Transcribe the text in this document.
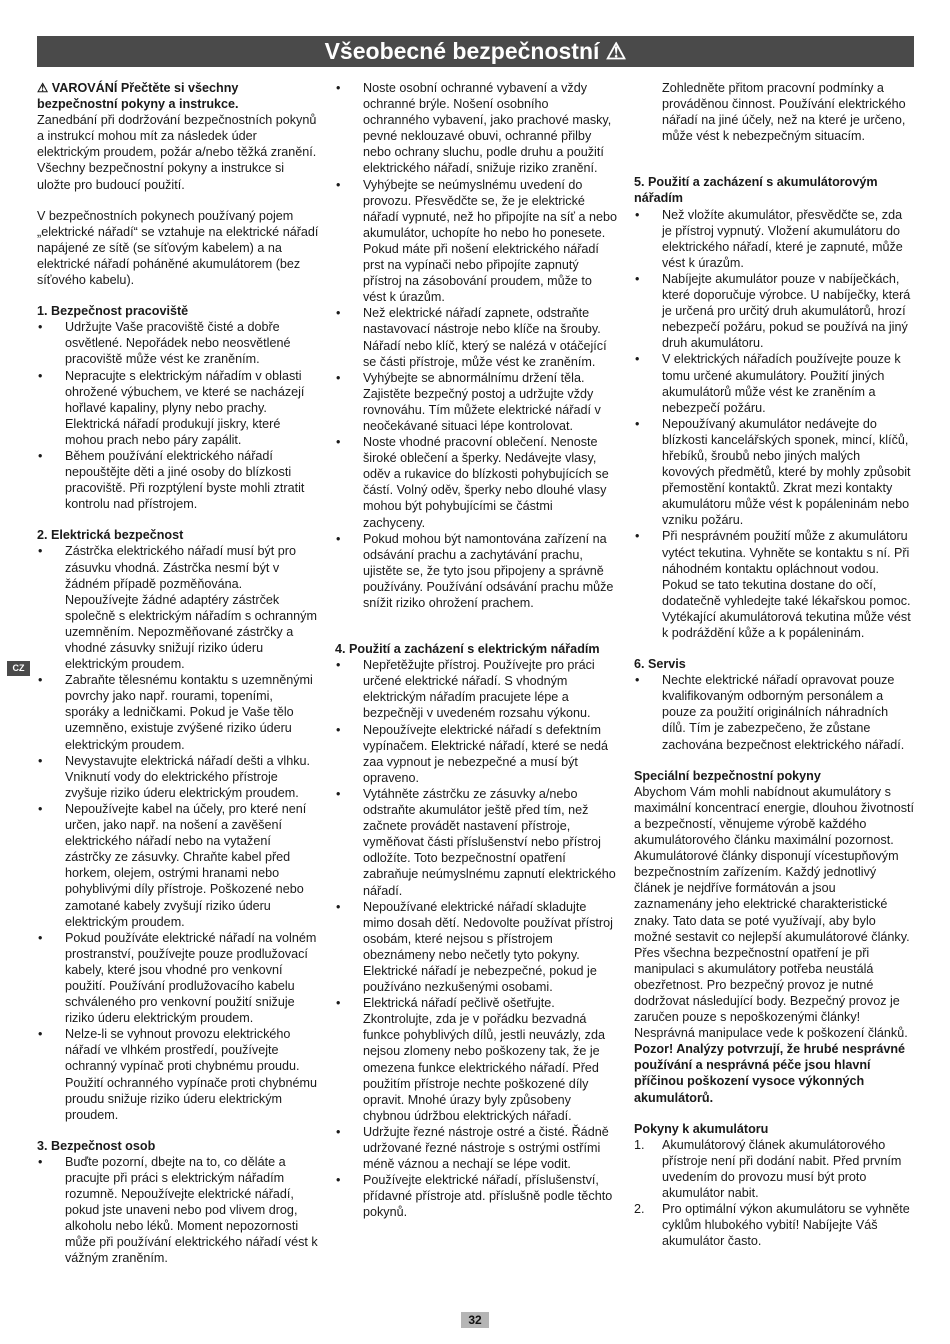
Všeobecné bezpečnostní ⚠

⚠ VAROVÁNÍ Přečtěte si všechny bezpečnostní pokyny a instrukce.
Zanedbání při dodržování bezpečnostních pokynů a instrukcí mohou mít za následek úder elektrickým proudem, požár a/nebo těžká zranění. Všechny bezpečnostní pokyny a instrukce si uložte pro budoucí použití.

V bezpečnostních pokynech používaný pojem „elektrické nářadí“ se vztahuje na elektrické nářadí napájené ze sítě (se síťovým kabelem) a na elektrické nářadí poháněné akumulátorem (bez síťového kabelu).

1. Bezpečnost pracoviště

• Udržujte Vaše pracoviště čisté a dobře osvětlené. Nepořádek nebo neosvětlené pracoviště může vést ke zraněním.
• Nepracujte s elektrickým nářadím v oblasti ohrožené výbuchem, ve které se nacházejí hořlavé kapaliny, plyny nebo prachy. Elektrická nářadí produkují jiskry, které mohou prach nebo páry zapálit.
• Během používání elektrického nářadí nepouštějte děti a jiné osoby do blízkosti pracoviště. Při rozptýlení byste mohli ztratit kontrolu nad přístrojem.

2. Elektrická bezpečnost

• Zástrčka elektrického nářadí musí být pro zásuvku vhodná. Zástrčka nesmí být v žádném případě pozměňována. Nepoužívejte žádné adaptéry zástrček společně s elektrickým nářadím s ochranným uzemněním. Nepozměňované zástrčky a vhodné zásuvky snižují riziko úderu elektrickým proudem.
• Zabraňte tělesnému kontaktu s uzemněnými povrchy jako např. rourami, topeními, sporáky a ledničkami. Pokud je Vaše tělo uzemněno, existuje zvýšené riziko úderu elektrickým proudem.
• Nevystavujte elektrická nářadí dešti a vlhku. Vniknutí vody do elektrického přístroje zvyšuje riziko úderu elektrickým proudem.
• Nepoužívejte kabel na účely, pro které není určen, jako např. na nošení a zavěšení elektrického nářadí nebo na vytažení zástrčky ze zásuvky. Chraňte kabel před horkem, olejem, ostrými hranami nebo pohyblivými díly přístroje. Poškozené nebo zamotané kabely zvyšují riziko úderu elektrickým proudem.
• Pokud používáte elektrické nářadí na volném prostranství, používejte pouze prodlužovací kabely, které jsou vhodné pro venkovní použití. Používání prodlužovacího kabelu schváleného pro venkovní použití snižuje riziko úderu elektrickým proudem.
• Nelze-li se vyhnout provozu elektrického nářadí ve vlhkém prostředí, používejte ochranný vypínač proti chybnému proudu. Použití ochranného vypínače proti chybnému proudu snižuje riziko úderu elektrickým proudem.

3. Bezpečnost osob

• Buďte pozorní, dbejte na to, co děláte a pracujte při práci s elektrickým nářadím rozumně. Nepoužívejte elektrické nářadí, pokud jste unaveni nebo pod vlivem drog, alkoholu nebo léků. Moment nepozornosti může při používání elektrického nářadí vést k vážným zraněním.
• Noste osobní ochranné vybavení a vždy ochranné brýle. Nošení osobního ochranného vybavení, jako prachové masky, pevné neklouzavé obuvi, ochranné přilby nebo ochrany sluchu, podle druhu a použití elektrického nářadí, snižuje riziko zranění.
• Vyhýbejte se neúmyslnému uvedení do provozu. Přesvědčte se, že je elektrické nářadí vypnuté, než ho připojíte na síť a nebo akumulátor, uchopíte ho nebo ho ponesete. Pokud máte při nošení elektrického nářadí prst na vypínači nebo připojíte zapnutý přístroj na zásobování proudem, může to vést k úrazům.
• Než elektrické nářadí zapnete, odstraňte nastavovací nástroje nebo klíče na šrouby. Nářadí nebo klíč, který se nalézá v otáčející se části přístroje, může vést ke zraněním.
• Vyhýbejte se abnormálnímu držení těla. Zajistěte bezpečný postoj a udržujte vždy rovnováhu. Tím můžete elektrické nářadí v neočekávané situaci lépe kontrolovat.
• Noste vhodné pracovní oblečení. Nenoste široké oblečení a šperky. Nedávejte vlasy, oděv a rukavice do blízkosti pohybujících se částí. Volný oděv, šperky nebo dlouhé vlasy mohou být pohybujícími se částmi zachyceny.
• Pokud mohou být namontována zařízení na odsávání prachu a zachytávání prachu, ujistěte se, že tyto jsou připojeny a správně používány. Používání odsávání prachu může snížit riziko ohrožení prachem.

4. Použití a zacházení s elektrickým nářadím

• Nepřetěžujte přístroj. Používejte pro práci určené elektrické nářadí. S vhodným elektrickým nářadím pracujete lépe a bezpečněji v uvedeném rozsahu výkonu.
• Nepoužívejte elektrické nářadí s defektním vypínačem. Elektrické nářadí, které se nedá zaa vypnout je nebezpečné a musí být opraveno.
• Vytáhněte zástrčku ze zásuvky a/nebo odstraňte akumulátor ještě před tím, než začnete provádět nastavení přístroje, vyměňovat části příslušenství nebo přístroj odložíte. Toto bezpečnostní opatření zabraňuje neúmyslnému zapnutí elektrického nářadí.
• Nepoužívané elektrické nářadí skladujte mimo dosah dětí. Nedovolte používat přístroj osobám, které nejsou s přístrojem obeznámeny nebo nečetly tyto pokyny. Elektrické nářadí je nebezpečné, pokud je používáno nezkušenými osobami.
• Elektrická nářadí pečlivě ošetřujte. Zkontrolujte, zda je v pořádku bezvadná funkce pohyblivých dílů, jestli neuvázly, zda nejsou zlomeny nebo poškozeny tak, že je omezena funkce elektrického nářadí. Před použitím přístroje nechte poškozené díly opravit. Mnohé úrazy byly způsobeny chybnou údržbou elektrických nářadí.
• Udržujte řezné nástroje ostré a čisté. Řádně udržované řezné nástroje s ostrými ostřími méně váznou a nechají se lépe vodit.
• Používejte elektrické nářadí, příslušenství, přídavné přístroje atd. příslušně podle těchto pokynů.

Zohledněte přitom pracovní podmínky a prováděnou činnost. Používání elektrického nářadí na jiné účely, než na které je určeno, může vést k nebezpečným situacím.

5. Použití a zacházení s akumulátorovým nářadím

• Než vložíte akumulátor, přesvědčte se, zda je přístroj vypnutý. Vložení akumulátoru do elektrického nářadí, které je zapnuté, může vést k úrazům.
• Nabíjejte akumulátor pouze v nabíječkách, které doporučuje výrobce. U nabíječky, která je určená pro určitý druh akumulátorů, hrozí nebezpečí požáru, pokud se používá na jiný druh akumulátoru.
• V elektrických nářadích používejte pouze k tomu určené akumulátory. Použití jiných akumulátorů může vést ke zraněním a nebezpečí požáru.
• Nepoužívaný akumulátor nedávejte do blízkosti kancelářských sponek, mincí, klíčů, hřebíků, šroubů nebo jiných malých kovových předmětů, které by mohly způsobit přemostění kontaktů. Zkrat mezi kontakty akumulátoru může vést k popáleninám nebo vzniku požáru.
• Při nesprávném použití může z akumulátoru vytéct tekutina. Vyhněte se kontaktu s ní. Při náhodném kontaktu opláchnout vodou. Pokud se tato tekutina dostane do očí, dodatečně vyhledejte také lékařskou pomoc. Vytékající akumulátorová tekutina může vést k podráždění kůže a k popáleninám.

6. Servis

• Nechte elektrické nářadí opravovat pouze kvalifikovaným odborným personálem a pouze za použití originálních náhradních dílů. Tím je zabezpečeno, že zůstane zachována bezpečnost elektrického nářadí.

Speciální bezpečnostní pokyny

Abychom Vám mohli nabídnout akumulátory s maximální koncentrací energie, dlouhou životností a bezpečností, věnujeme výrobě každého akumulátorového článku maximální pozornost. Akumulátorové články disponují vícestupňovým bezpečnostním zařízením. Každý jednotlivý článek je nejdříve formátován a jsou zaznamenány jeho elektrické charakteristické znaky. Tato data se poté využívají, aby bylo možné sestavit co nejlepší akumulátorové články. Přes všechna bezpečnostní opatření je při manipulaci s akumulátory potřeba neustálá obezřetnost. Pro bezpečný provoz je nutné dodržovat následující body. Bezpečný provoz je zaručen pouze s nepoškozenými články! Nesprávná manipulace vede k poškození článků.

Pozor! Analýzy potvrzují, že hrubé nesprávné používání a nesprávná péče jsou hlavní příčinou poškození vysoce výkonných akumulátorů.

Pokyny k akumulátoru

1. Akumulátorový článek akumulátorového přístroje není při dodání nabit. Před prvním uvedením do provozu musí být proto akumulátor nabit.
2. Pro optimální výkon akumulátoru se vyhněte cyklům hlubokého vybití! Nabíjejte Váš akumulátor často.
CZ
32
